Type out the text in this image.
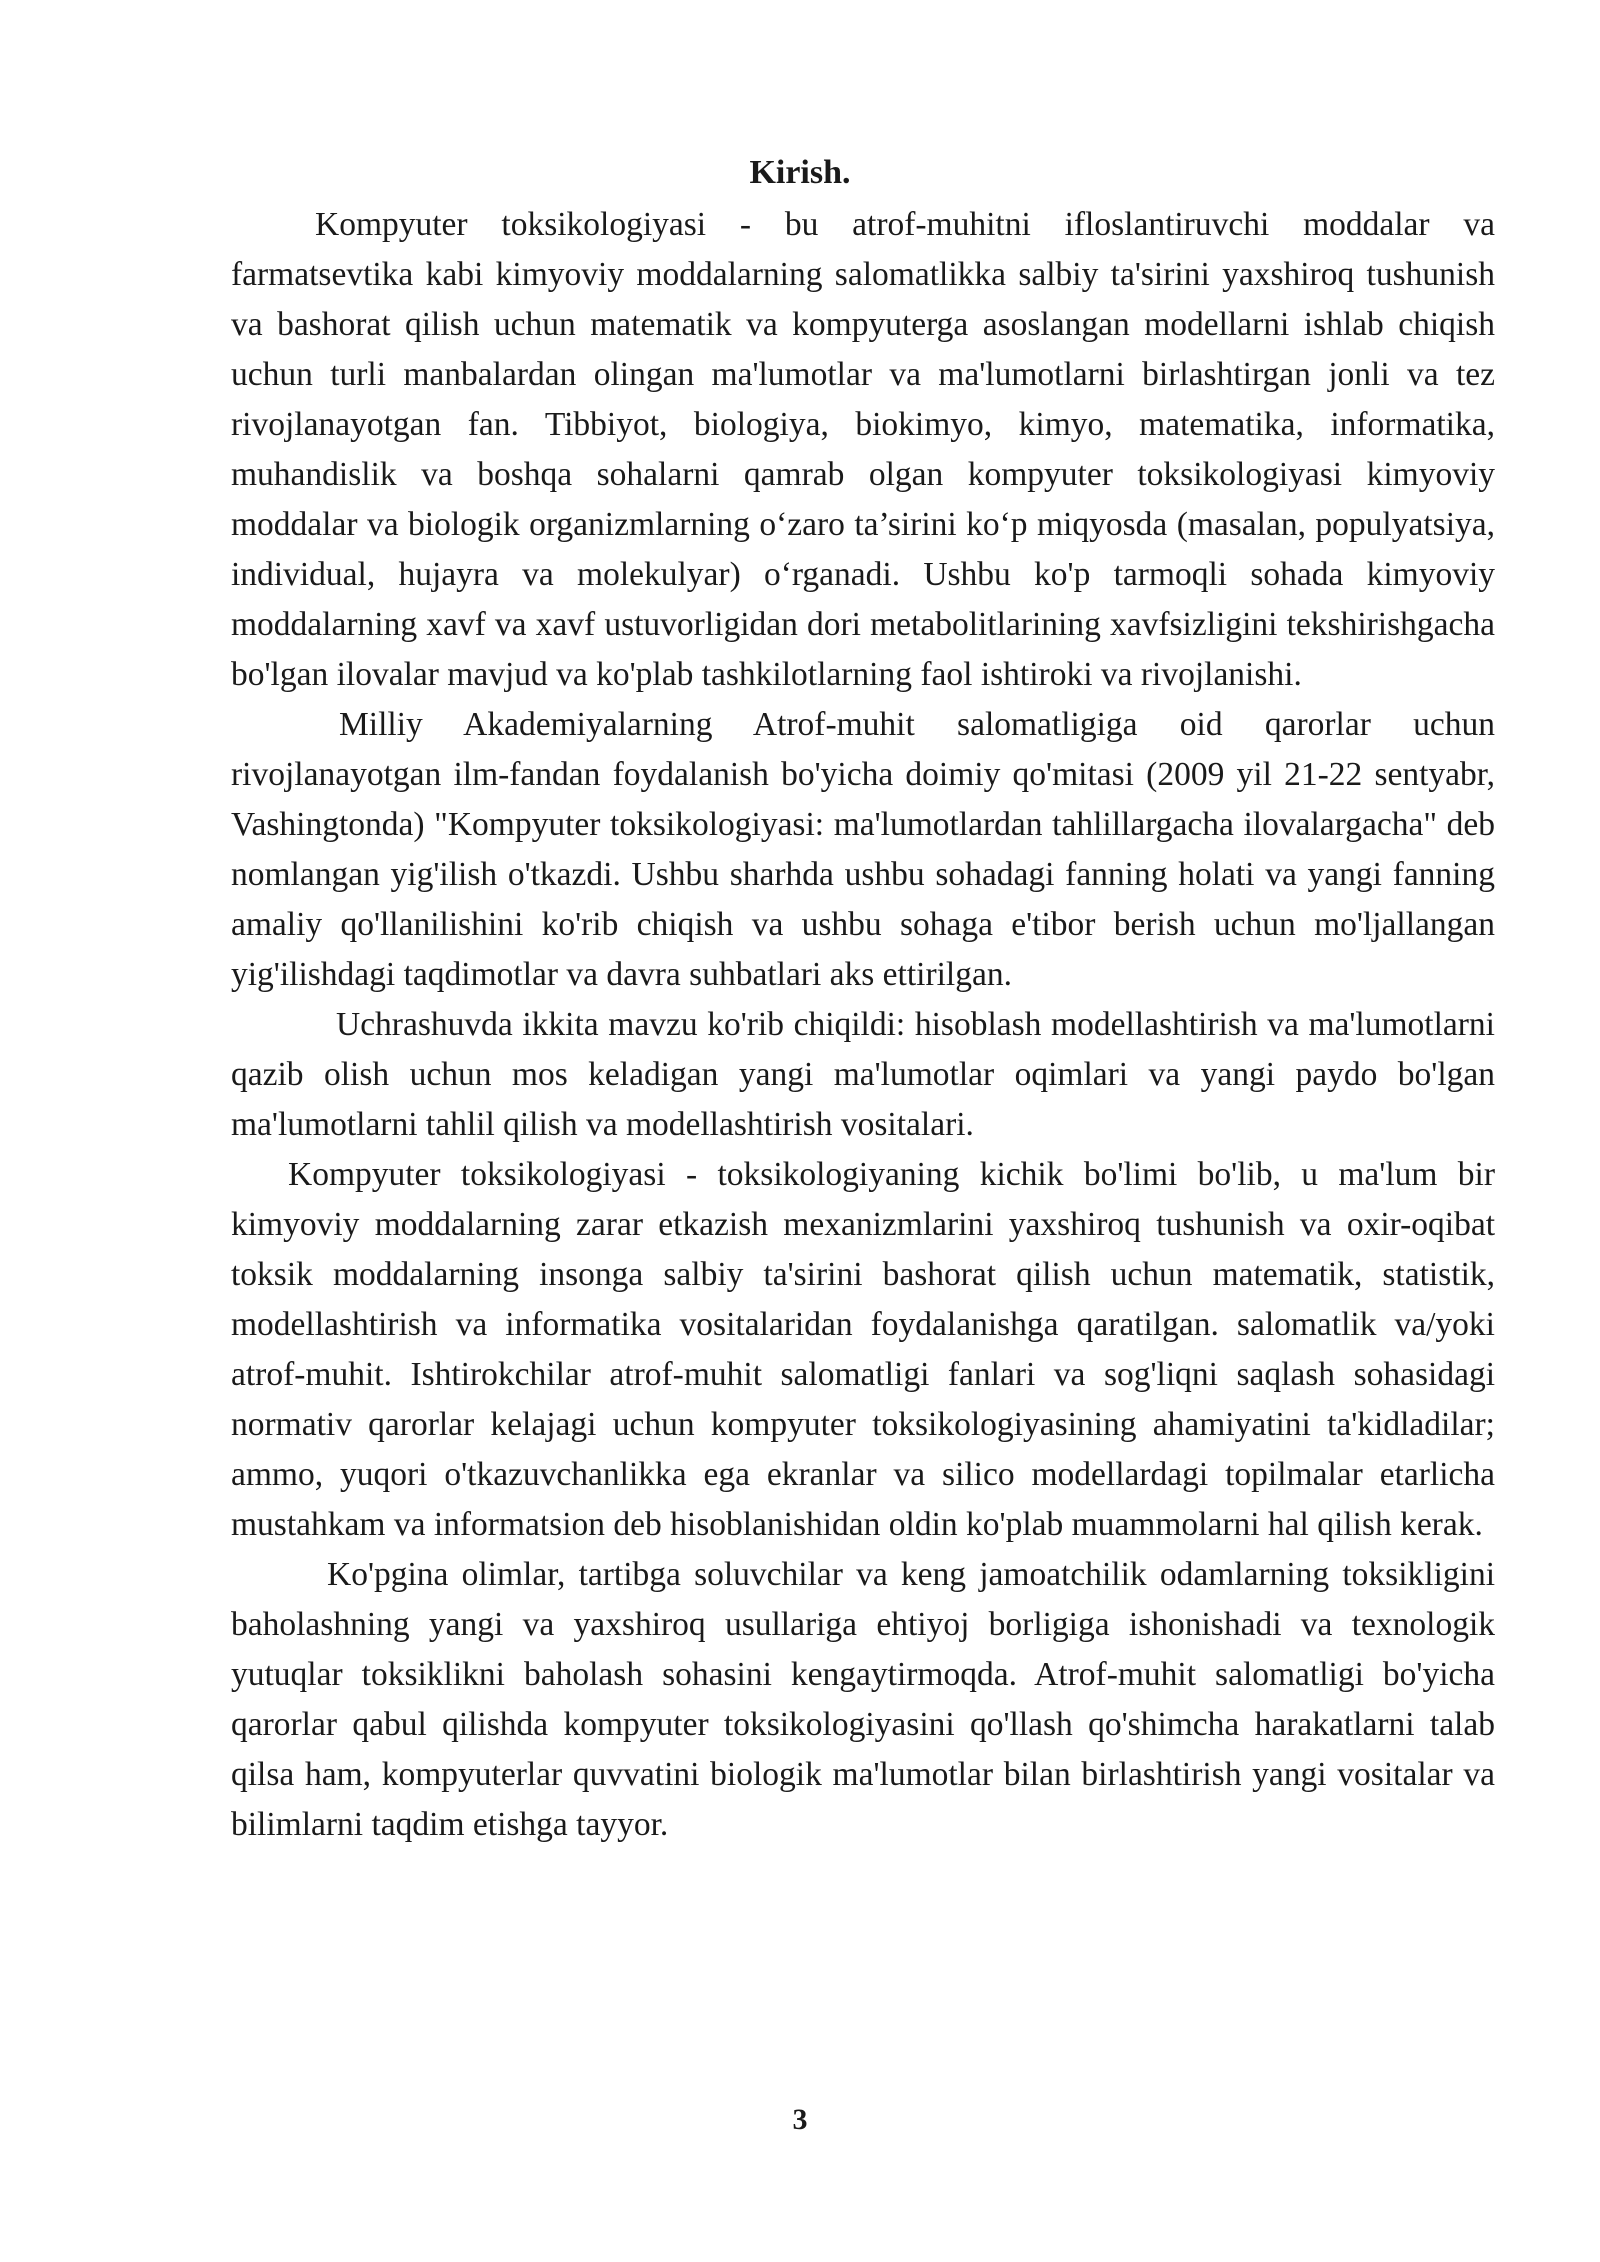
Kirish.

Kompyuter toksikologiyasi - bu atrof-muhitni ifloslantiruvchi moddalar va farmatsevtika kabi kimyoviy moddalarning salomatlikka salbiy ta'sirini yaxshiroq tushunish va bashorat qilish uchun matematik va kompyuterga asoslangan modellarni ishlab chiqish uchun turli manbalardan olingan ma'lumotlar va ma'lumotlarni birlashtirgan jonli va tez rivojlanayotgan fan. Tibbiyot, biologiya, biokimyo, kimyo, matematika, informatika, muhandislik va boshqa sohalarni qamrab olgan kompyuter toksikologiyasi kimyoviy moddalar va biologik organizmlarning o‘zaro ta’sirini ko‘p miqyosda (masalan, populyatsiya, individual, hujayra va molekulyar) o‘rganadi. Ushbu ko'p tarmoqli sohada kimyoviy moddalarning xavf va xavf ustuvorligidan dori metabolitlarining xavfsizligini tekshirishgacha bo'lgan ilovalar mavjud va ko'plab tashkilotlarning faol ishtiroki va rivojlanishi.

Milliy Akademiyalarning Atrof-muhit salomatligiga oid qarorlar uchun rivojlanayotgan ilm-fandan foydalanish bo'yicha doimiy qo'mitasi (2009 yil 21-22 sentyabr, Vashingtonda) "Kompyuter toksikologiyasi: ma'lumotlardan tahlillargacha ilovalargacha" deb nomlangan yig'ilish o'tkazdi. Ushbu sharhda ushbu sohadagi fanning holati va yangi fanning amaliy qo'llanilishini ko'rib chiqish va ushbu sohaga e'tibor berish uchun mo'ljallangan yig'ilishdagi taqdimotlar va davra suhbatlari aks ettirilgan.

Uchrashuvda ikkita mavzu ko'rib chiqildi: hisoblash modellashtirish va ma'lumotlarni qazib olish uchun mos keladigan yangi ma'lumotlar oqimlari va yangi paydo bo'lgan ma'lumotlarni tahlil qilish va modellashtirish vositalari.

Kompyuter toksikologiyasi - toksikologiyaning kichik bo'limi bo'lib, u ma'lum bir kimyoviy moddalarning zarar etkazish mexanizmlarini yaxshiroq tushunish va oxir-oqibat toksik moddalarning insonga salbiy ta'sirini bashorat qilish uchun matematik, statistik, modellashtirish va informatika vositalaridan foydalanishga qaratilgan. salomatlik va/yoki atrof-muhit. Ishtirokchilar atrof-muhit salomatligi fanlari va sog'liqni saqlash sohasidagi normativ qarorlar kelajagi uchun kompyuter toksikologiyasining ahamiyatini ta'kidladilar; ammo, yuqori o'tkazuvchanlikka ega ekranlar va silico modellardagi topilmalar etarlicha mustahkam va informatsion deb hisoblanishidan oldin ko'plab muammolarni hal qilish kerak.

Ko'pgina olimlar, tartibga soluvchilar va keng jamoatchilik odamlarning toksikligini baholashning yangi va yaxshiroq usullariga ehtiyoj borligiga ishonishadi va texnologik yutuqlar toksiklikni baholash sohasini kengaytirmoqda. Atrof-muhit salomatligi bo'yicha qarorlar qabul qilishda kompyuter toksikologiyasini qo'llash qo'shimcha harakatlarni talab qilsa ham, kompyuterlar quvvatini biologik ma'lumotlar bilan birlashtirish yangi vositalar va bilimlarni taqdim etishga tayyor.

3
